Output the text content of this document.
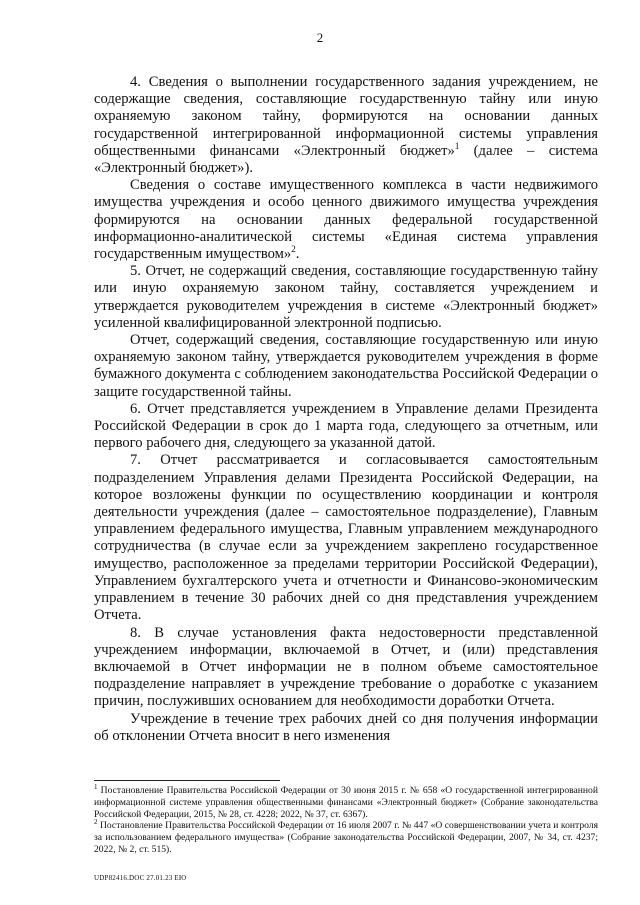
2

4. Сведения о выполнении государственного задания учреждением, не содержащие сведения, составляющие государственную тайну или иную охраняемую законом тайну, формируются на основании данных государственной интегрированной информационной системы управления общественными финансами «Электронный бюджет»$^1$ (далее – система «Электронный бюджет»).

Сведения о составе имущественного комплекса в части недвижимого имущества учреждения и особо ценного движимого имущества учреждения формируются на основании данных федеральной государственной информационно-аналитической системы «Единая система управления государственным имуществом»$^2$.

5. Отчет, не содержащий сведения, составляющие государственную тайну или иную охраняемую законом тайну, составляется учреждением и утверждается руководителем учреждения в системе «Электронный бюджет» усиленной квалифицированной электронной подписью.

Отчет, содержащий сведения, составляющие государственную или иную охраняемую законом тайну, утверждается руководителем учреждения в форме бумажного документа с соблюдением законодательства Российской Федерации о защите государственной тайны.

6. Отчет представляется учреждением в Управление делами Президента Российской Федерации в срок до 1 марта года, следующего за отчетным, или первого рабочего дня, следующего за указанной датой.

7. Отчет рассматривается и согласовывается самостоятельным подразделением Управления делами Президента Российской Федерации, на которое возложены функции по осуществлению координации и контроля деятельности учреждения (далее – самостоятельное подразделение), Главным управлением федерального имущества, Главным управлением международного сотрудничества (в случае если за учреждением закреплено государственное имущество, расположенное за пределами территории Российской Федерации), Управлением бухгалтерского учета и отчетности и Финансово-экономическим управлением в течение 30 рабочих дней со дня представления учреждением Отчета.

8. В случае установления факта недостоверности представленной учреждением информации, включаемой в Отчет, и (или) представления включаемой в Отчет информации не в полном объеме самостоятельное подразделение направляет в учреждение требование о доработке с указанием причин, послуживших основанием для необходимости доработки Отчета.

Учреждение в течение трех рабочих дней со дня получения информации об отклонении Отчета вносит в него изменения

$^1$ Постановление Правительства Российской Федерации от 30 июня 2015 г. № 658 «О государственной интегрированной информационной системе управления общественными финансами «Электронный бюджет» (Собрание законодательства Российской Федерации, 2015, № 28, ст. 4228; 2022, № 37, ст. 6367).

$^2$ Постановление Правительства Российской Федерации от 16 июля 2007 г. № 447 «О совершенствовании учета и контроля за использованием федерального имущества» (Собрание законодательства Российской Федерации, 2007, № 34, ст. 4237; 2022, № 2, ст. 515).

UDP82416.DOC 27.01.23 ЕЮ
